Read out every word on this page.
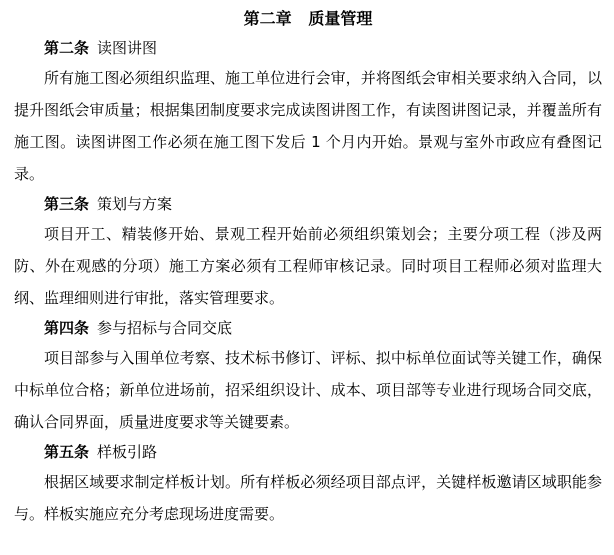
第二章   质量管理

第二条 读图讲图

所有施工图必须组织监理、施工单位进行会审，并将图纸会审相关要求纳入合同，以提升图纸会审质量；根据集团制度要求完成读图讲图工作，有读图讲图记录，并覆盖所有施工图。读图讲图工作必须在施工图下发后 1 个月内开始。景观与室外市政应有叠图记录。

第三条 策划与方案

项目开工、精装修开始、景观工程开始前必须组织策划会；主要分项工程（涉及两防、外在观感的分项）施工方案必须有工程师审核记录。同时项目工程师必须对监理大纲、监理细则进行审批，落实管理要求。

第四条 参与招标与合同交底

项目部参与入围单位考察、技术标书修订、评标、拟中标单位面试等关键工作，确保中标单位合格；新单位进场前，招采组织设计、成本、项目部等专业进行现场合同交底，确认合同界面，质量进度要求等关键要素。

第五条 样板引路

根据区域要求制定样板计划。所有样板必须经项目部点评，关键样板邀请区域职能参与。样板实施应充分考虑现场进度需要。
